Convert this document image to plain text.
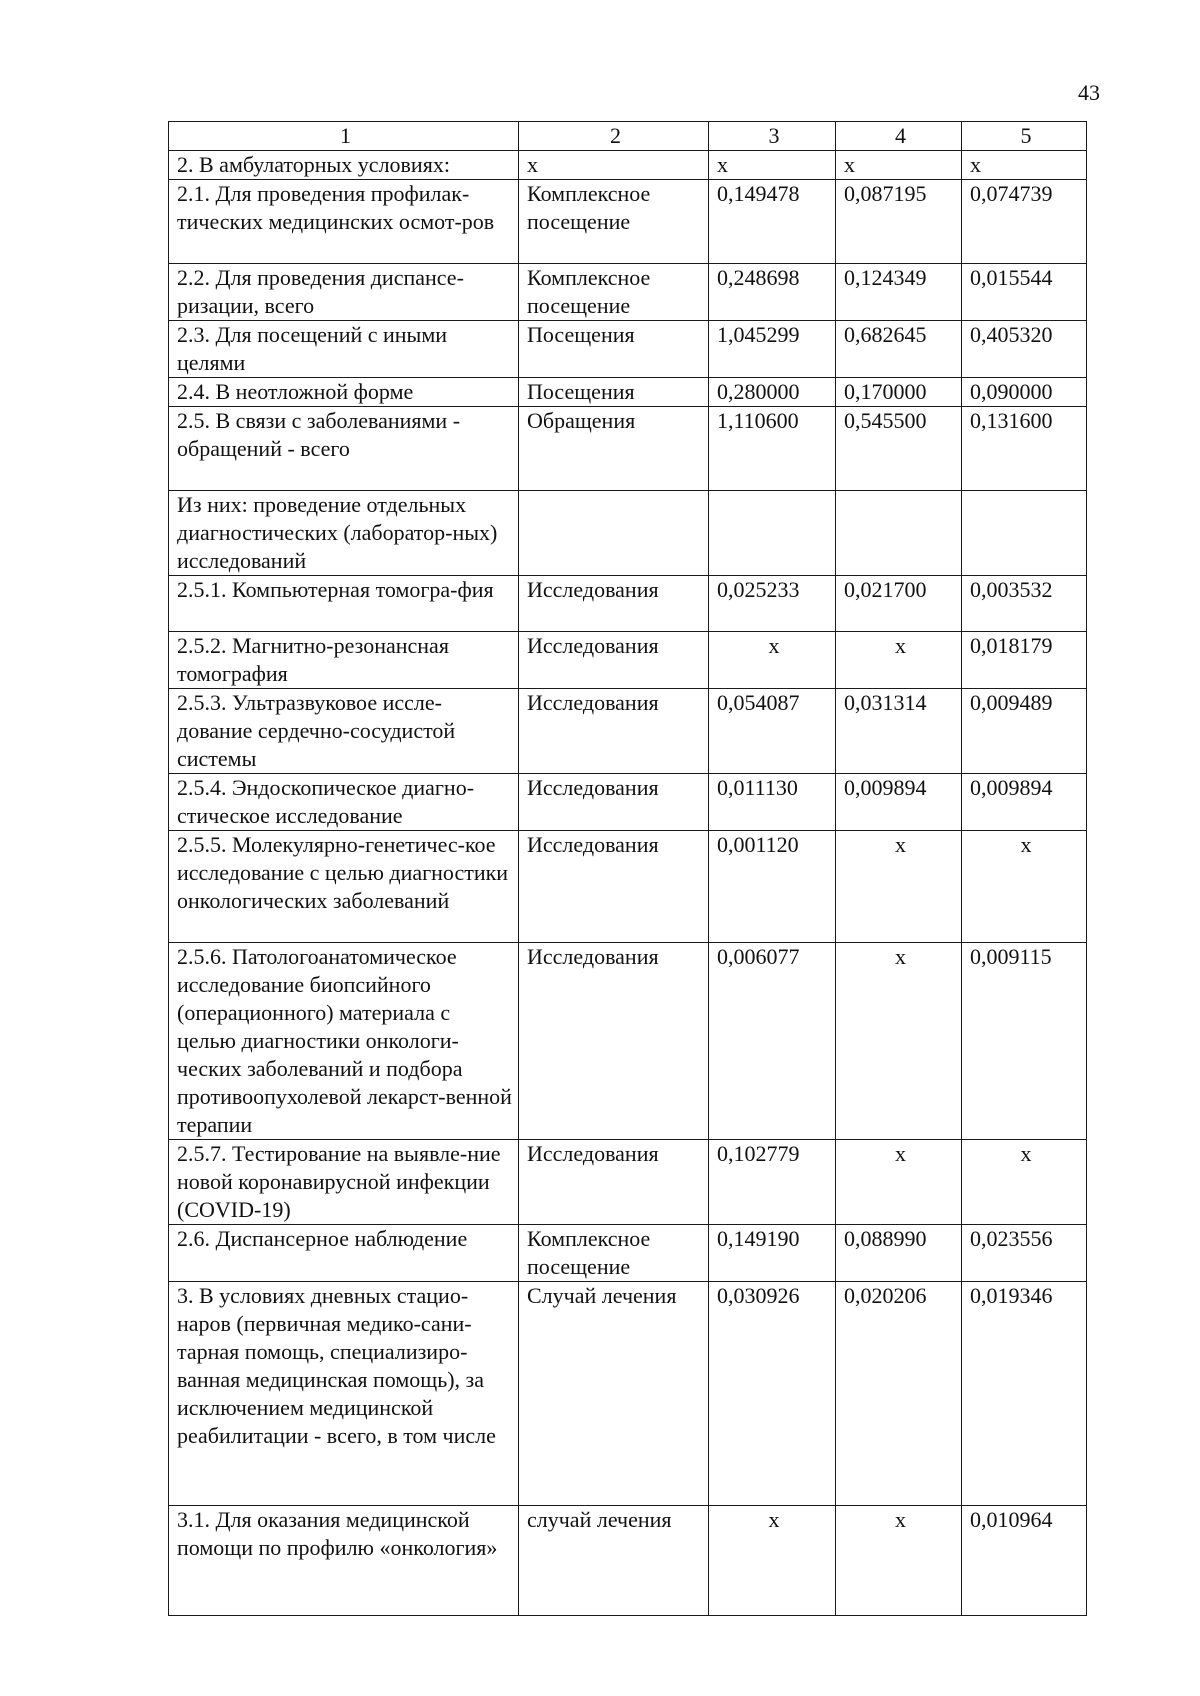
43
1	2	3	4	5
2. В амбулаторных условиях:	х	х	х	х
2.1. Для проведения профилак-тических медицинских осмот-ров	Комплексное посещение	0,149478	0,087195	0,074739
2.2. Для проведения диспансе-ризации, всего	Комплексное посещение	0,248698	0,124349	0,015544
2.3. Для посещений с иными целями	Посещения	1,045299	0,682645	0,405320
2.4. В неотложной форме	Посещения	0,280000	0,170000	0,090000
2.5. В связи с заболеваниями - обращений - всего	Обращения	1,110600	0,545500	0,131600
Из них: проведение отдельных диагностических (лаборатор-ных) исследований				
2.5.1. Компьютерная томогра-фия	Исследования	0,025233	0,021700	0,003532
2.5.2. Магнитно-резонансная томография	Исследования	х	х	0,018179
2.5.3. Ультразвуковое иссле-дование сердечно-сосудистой системы	Исследования	0,054087	0,031314	0,009489
2.5.4. Эндоскопическое диагно-стическое исследование	Исследования	0,011130	0,009894	0,009894
2.5.5. Молекулярно-генетичес-кое исследование с целью диагностики онкологических заболеваний	Исследования	0,001120	х	х
2.5.6. Патологоанатомическое исследование биопсийного (операционного) материала с целью диагностики онкологи-ческих заболеваний и подбора противоопухолевой лекарст-венной терапии	Исследования	0,006077	х	0,009115
2.5.7. Тестирование на выявле-ние новой коронавирусной инфекции (COVID-19)	Исследования	0,102779	х	х
2.6. Диспансерное наблюдение	Комплексное посещение	0,149190	0,088990	0,023556
3. В условиях дневных стацио-наров (первичная медико-сани-тарная помощь, специализиро-ванная медицинская помощь), за исключением медицинской реабилитации - всего, в том числе	Случай лечения	0,030926	0,020206	0,019346
3.1. Для оказания медицинской помощи по профилю «онкология»	случай лечения	х	х	0,010964
